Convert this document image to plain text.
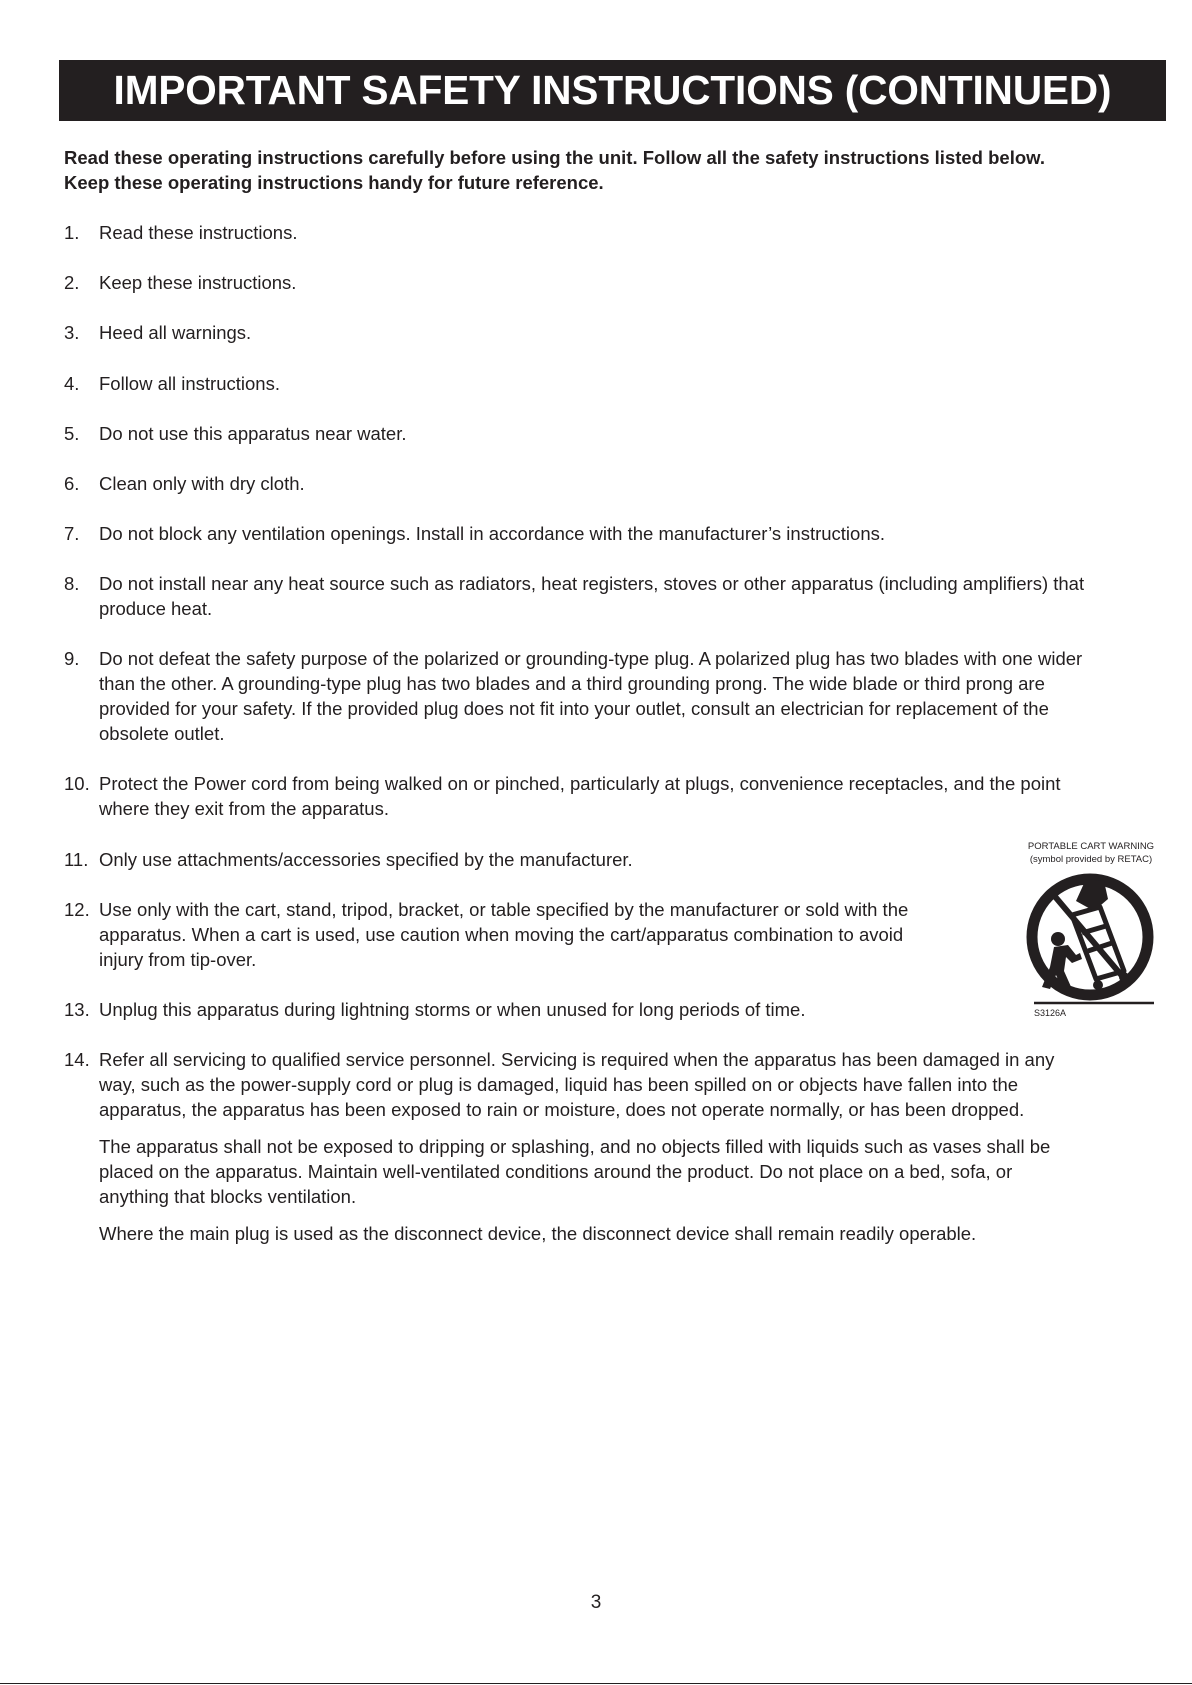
IMPORTANT SAFETY INSTRUCTIONS (CONTINUED)
Read these operating instructions carefully before using the unit. Follow all the safety instructions listed below.
Keep these operating instructions handy for future reference.
1.	Read these instructions.
2.	Keep these instructions.
3.	Heed all warnings.
4.	Follow all instructions.
5.	Do not use this apparatus near water.
6.	Clean only with dry cloth.
7.	Do not block any ventilation openings. Install in accordance with the manufacturer’s instructions.
8.	Do not install near any heat source such as radiators, heat registers, stoves or other apparatus (including amplifiers) that
produce heat.
9.	Do not defeat the safety purpose of the polarized or grounding-type plug. A polarized plug has two blades with one wider
than the other. A grounding-type plug has two blades and a third grounding prong. The wide blade or third prong are
provided for your safety. If the provided plug does not fit into your outlet, consult an electrician for replacement of the
obsolete outlet.
10. Protect the Power cord from being walked on or pinched, particularly at plugs, convenience receptacles, and the point
where they exit from the apparatus.
11. Only use attachments/accessories specified by the manufacturer.
12. Use only with the cart, stand, tripod, bracket, or table specified by the manufacturer or sold with the
apparatus. When a cart is used, use caution when moving the cart/apparatus combination to avoid
injury from tip-over.
13. Unplug this apparatus during lightning storms or when unused for long periods of time.
14. Refer all servicing to qualified service personnel. Servicing is required when the apparatus has been damaged in any
way, such as the power-supply cord or plug is damaged, liquid has been spilled on or objects have fallen into the
apparatus, the apparatus has been exposed to rain or moisture, does not operate normally, or has been dropped.
The apparatus shall not be exposed to dripping or splashing, and no objects filled with liquids such as vases shall be
placed on the apparatus. Maintain well-ventilated conditions around the product. Do not place on a bed, sofa, or
anything that blocks ventilation.
Where the main plug is used as the disconnect device, the disconnect device shall remain readily operable.
PORTABLE CART WARNING
(symbol provided by RETAC)
S3126A
3
